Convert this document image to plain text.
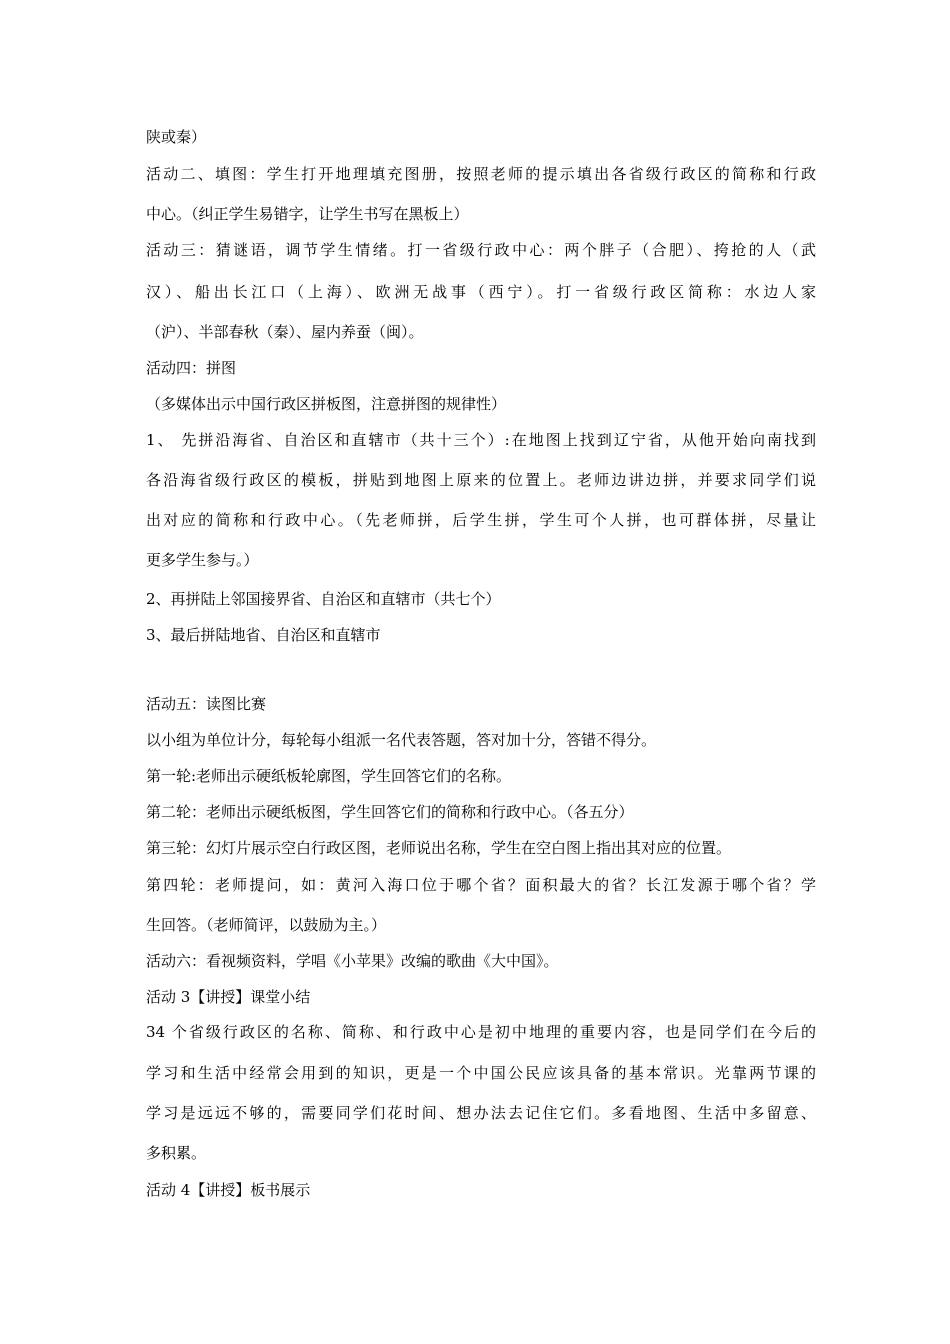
陕或秦）
活动二、填图：学生打开地理填充图册，按照老师的提示填出各省级行政区的简称和行政
中心。（纠正学生易错字，让学生书写在黑板上）
活动三：猜谜语，调节学生情绪。打一省级行政中心：两个胖子（合肥）、挎抢的人（武
汉）、船出长江口（上海）、欧洲无战事（西宁）。打一省级行政区简称：水边人家
（沪）、半部春秋（秦）、屋内养蚕（闽）。
活动四：拼图
（多媒体出示中国行政区拼板图，注意拼图的规律性）
1、 先拼沿海省、自治区和直辖市（共十三个）:在地图上找到辽宁省，从他开始向南找到
各沿海省级行政区的模板，拼贴到地图上原来的位置上。老师边讲边拼，并要求同学们说
出对应的简称和行政中心。（先老师拼，后学生拼，学生可个人拼，也可群体拼，尽量让
更多学生参与。）
2、再拼陆上邻国接界省、自治区和直辖市（共七个）
3、最后拼陆地省、自治区和直辖市
活动五：读图比赛
以小组为单位计分，每轮每小组派一名代表答题，答对加十分，答错不得分。
第一轮:老师出示硬纸板轮廓图，学生回答它们的名称。
第二轮：老师出示硬纸板图，学生回答它们的简称和行政中心。（各五分）
第三轮：幻灯片展示空白行政区图，老师说出名称，学生在空白图上指出其对应的位置。
第四轮：老师提问，如：黄河入海口位于哪个省？面积最大的省？长江发源于哪个省？学
生回答。（老师简评，以鼓励为主。）
活动六：看视频资料，学唱《小苹果》改编的歌曲《大中国》。
活动 3【讲授】课堂小结
34 个省级行政区的名称、简称、和行政中心是初中地理的重要内容，也是同学们在今后的
学习和生活中经常会用到的知识，更是一个中国公民应该具备的基本常识。光靠两节课的
学习是远远不够的，需要同学们花时间、想办法去记住它们。多看地图、生活中多留意、
多积累。
活动 4【讲授】板书展示
